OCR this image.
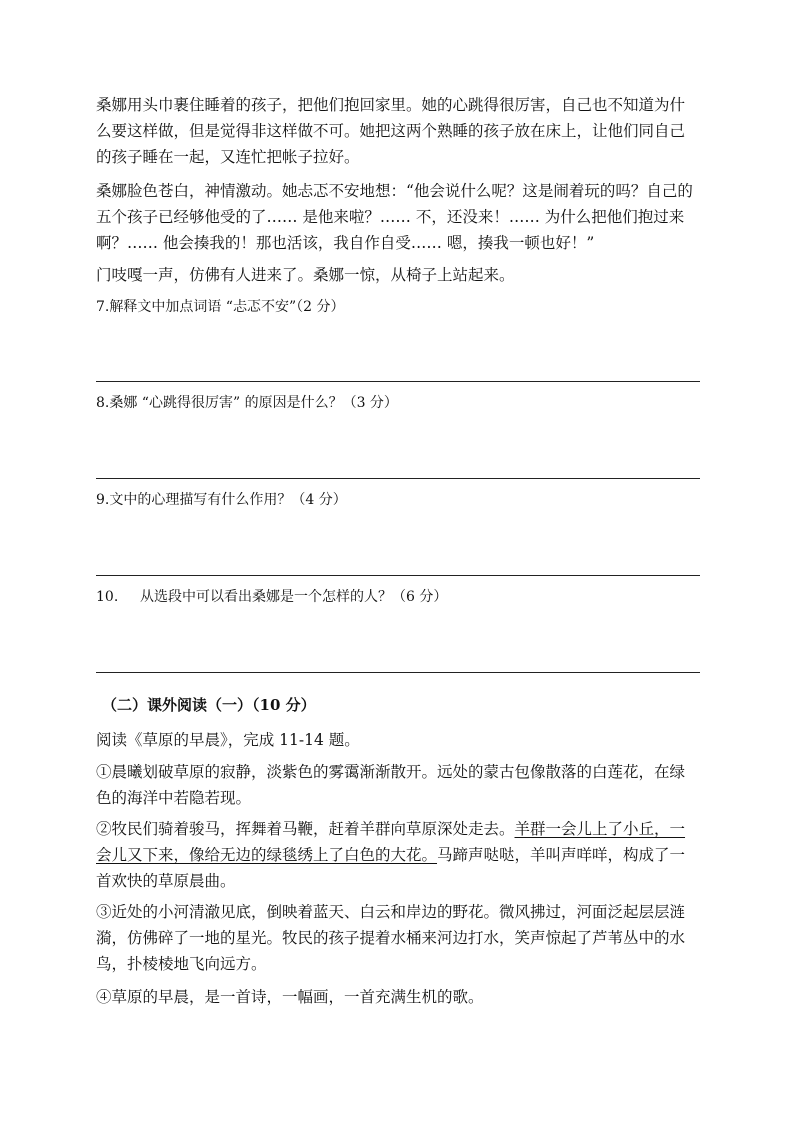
桑娜用头巾裹住睡着的孩子，把他们抱回家里。她的心跳得很厉害，自己也不知道为什么要这样做，但是觉得非这样做不可。她把这两个熟睡的孩子放在床上，让他们同自己的孩子睡在一起，又连忙把帐子拉好。

桑娜脸色苍白，神情激动。她忐忑不安地想：“他会说什么呢？这是闹着玩的吗？自己的五个孩子已经够他受的了…… 是他来啦？…… 不，还没来！…… 为什么把他们抱过来啊？…… 他会揍我的！那也活该，我自作自受…… 嗯，揍我一顿也好！”

门吱嘎一声，仿佛有人进来了。桑娜一惊，从椅子上站起来。

7.解释文中加点词语 “忐忑不安”（2 分）

8.桑娜 “心跳得很厉害” 的原因是什么？（3 分）

9.文中的心理描写有什么作用？（4 分）

10. 从选段中可以看出桑娜是一个怎样的人？（6 分）

（二）课外阅读（一）（10 分）

阅读《草原的早晨》，完成 11-14 题。

①晨曦划破草原的寂静，淡紫色的雾霭渐渐散开。远处的蒙古包像散落的白莲花，在绿色的海洋中若隐若现。

②牧民们骑着骏马，挥舞着马鞭，赶着羊群向草原深处走去。羊群一会儿上了小丘，一会儿又下来，像给无边的绿毯绣上了白色的大花。马蹄声哒哒，羊叫声咩咩，构成了一首欢快的草原晨曲。

③近处的小河清澈见底，倒映着蓝天、白云和岸边的野花。微风拂过，河面泛起层层涟漪，仿佛碎了一地的星光。牧民的孩子提着水桶来河边打水，笑声惊起了芦苇丛中的水鸟，扑棱棱地飞向远方。

④草原的早晨，是一首诗，一幅画，一首充满生机的歌。
